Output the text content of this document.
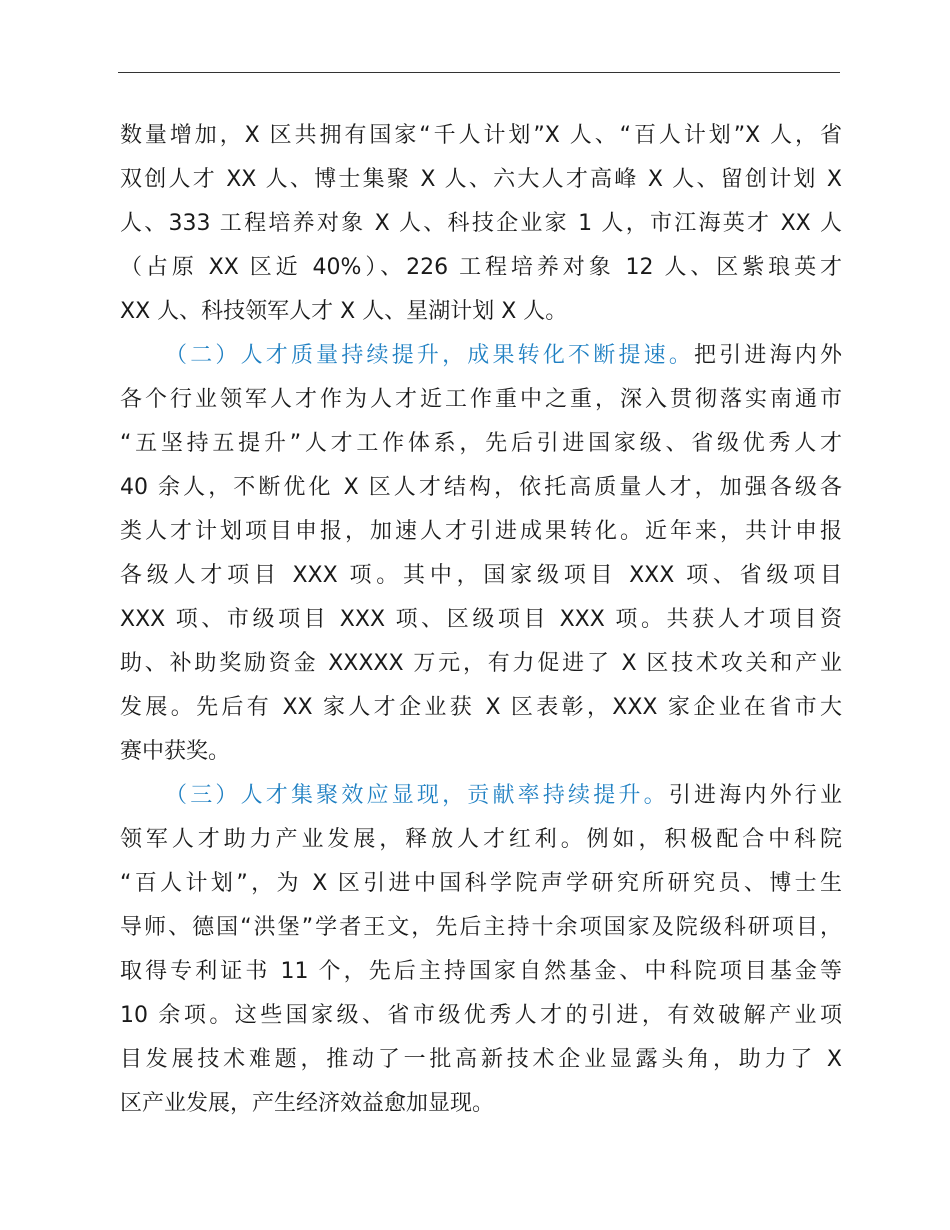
数量增加，X 区共拥有国家“千人计划”X 人、“百人计划”X 人，省
双创人才 XX 人、博士集聚 X 人、六大人才高峰 X 人、留创计划 X
人、333 工程培养对象 X 人、科技企业家 1 人，市江海英才 XX 人
（占原 XX 区近 40%）、226 工程培养对象 12 人、区紫琅英才
XX 人、科技领军人才 X 人、星湖计划 X 人。
（二）人才质量持续提升，成果转化不断提速。把引进海内外
各个行业领军人才作为人才近工作重中之重，深入贯彻落实南通市
“五坚持五提升”人才工作体系，先后引进国家级、省级优秀人才
40 余人，不断优化 X 区人才结构，依托高质量人才，加强各级各
类人才计划项目申报，加速人才引进成果转化。近年来，共计申报
各级人才项目 XXX 项。其中，国家级项目 XXX 项、省级项目
XXX 项、市级项目 XXX 项、区级项目 XXX 项。共获人才项目资
助、补助奖励资金 XXXXX 万元，有力促进了 X 区技术攻关和产业
发展。先后有 XX 家人才企业获 X 区表彰，XXX 家企业在省市大
赛中获奖。
（三）人才集聚效应显现，贡献率持续提升。引进海内外行业
领军人才助力产业发展，释放人才红利。例如，积极配合中科院
“百人计划”，为 X 区引进中国科学院声学研究所研究员、博士生
导师、德国“洪堡”学者王文，先后主持十余项国家及院级科研项目，
取得专利证书 11 个，先后主持国家自然基金、中科院项目基金等
10 余项。这些国家级、省市级优秀人才的引进，有效破解产业项
目发展技术难题，推动了一批高新技术企业显露头角，助力了 X
区产业发展，产生经济效益愈加显现。
